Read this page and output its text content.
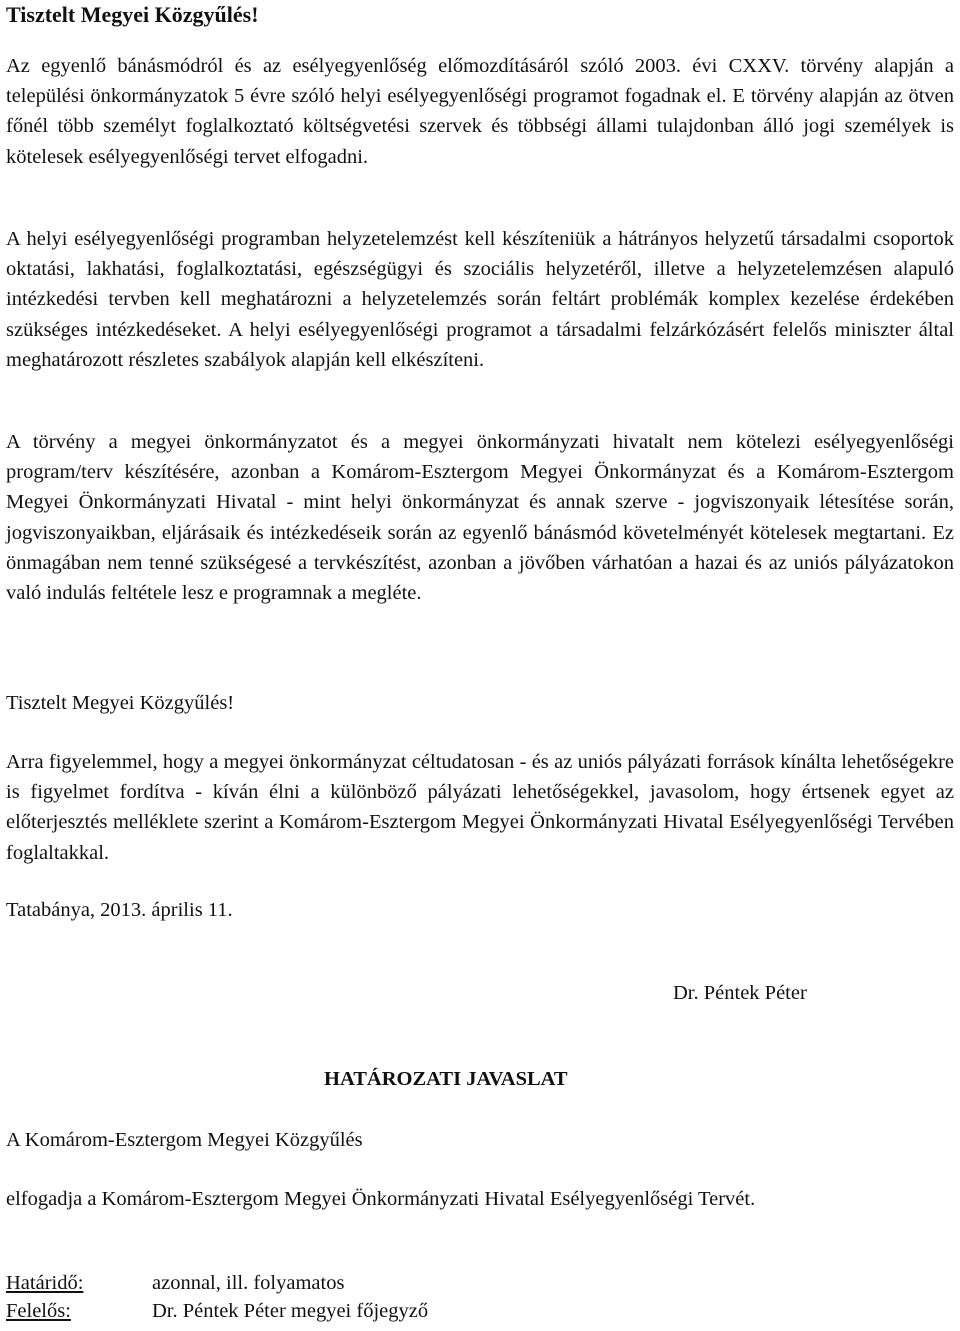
Tisztelt Megyei Közgyűlés!

Az egyenlő bánásmódról és az esélyegyenlőség előmozdításáról szóló 2003. évi CXXV. törvény alapján a települési önkormányzatok 5 évre szóló helyi esélyegyenlőségi programot fogadnak el. E törvény alapján az ötven főnél több személyt foglalkoztató költségvetési szervek és többségi állami tulajdonban álló jogi személyek is kötelesek esélyegyenlőségi tervet elfogadni.

A helyi esélyegyenlőségi programban helyzetelemzést kell készíteniük a hátrányos helyzetű társadalmi csoportok oktatási, lakhatási, foglalkoztatási, egészségügyi és szociális helyzetéről, illetve a helyzetelemzésen alapuló intézkedési tervben kell meghatározni a helyzetelemzés során feltárt problémák komplex kezelése érdekében szükséges intézkedéseket. A helyi esélyegyenlőségi programot a társadalmi felzárkózásért felelős miniszter által meghatározott részletes szabályok alapján kell elkészíteni.

A törvény a megyei önkormányzatot és a megyei önkormányzati hivatalt nem kötelezi esélyegyenlőségi program/terv készítésére, azonban a Komárom-Esztergom Megyei Önkormányzat és a Komárom-Esztergom Megyei Önkormányzati Hivatal - mint helyi önkormányzat és annak szerve - jogviszonyaik létesítése során, jogviszonyaikban, eljárásaik és intézkedéseik során az egyenlő bánásmód követelményét kötelesek megtartani. Ez önmagában nem tenné szükségesé a tervkészítést, azonban a jövőben várhatóan a hazai és az uniós pályázatokon való indulás feltétele lesz e programnak a megléte.

Tisztelt Megyei Közgyűlés!

Arra figyelemmel, hogy a megyei önkormányzat céltudatosan - és az uniós pályázati források kínálta lehetőségekre is figyelmet fordítva - kíván élni a különböző pályázati lehetőségekkel, javasolom, hogy értsenek egyet az előterjesztés melléklete szerint a Komárom-Esztergom Megyei Önkormányzati Hivatal Esélyegyenlőségi Tervében foglaltakkal.

Tatabánya, 2013. április 11.

Dr. Péntek Péter

HATÁROZATI JAVASLAT

A Komárom-Esztergom Megyei Közgyűlés

elfogadja a Komárom-Esztergom Megyei Önkormányzati Hivatal Esélyegyenlőségi Tervét.

Határidő:	azonnal, ill. folyamatos
Felelős:	Dr. Péntek Péter megyei főjegyző
